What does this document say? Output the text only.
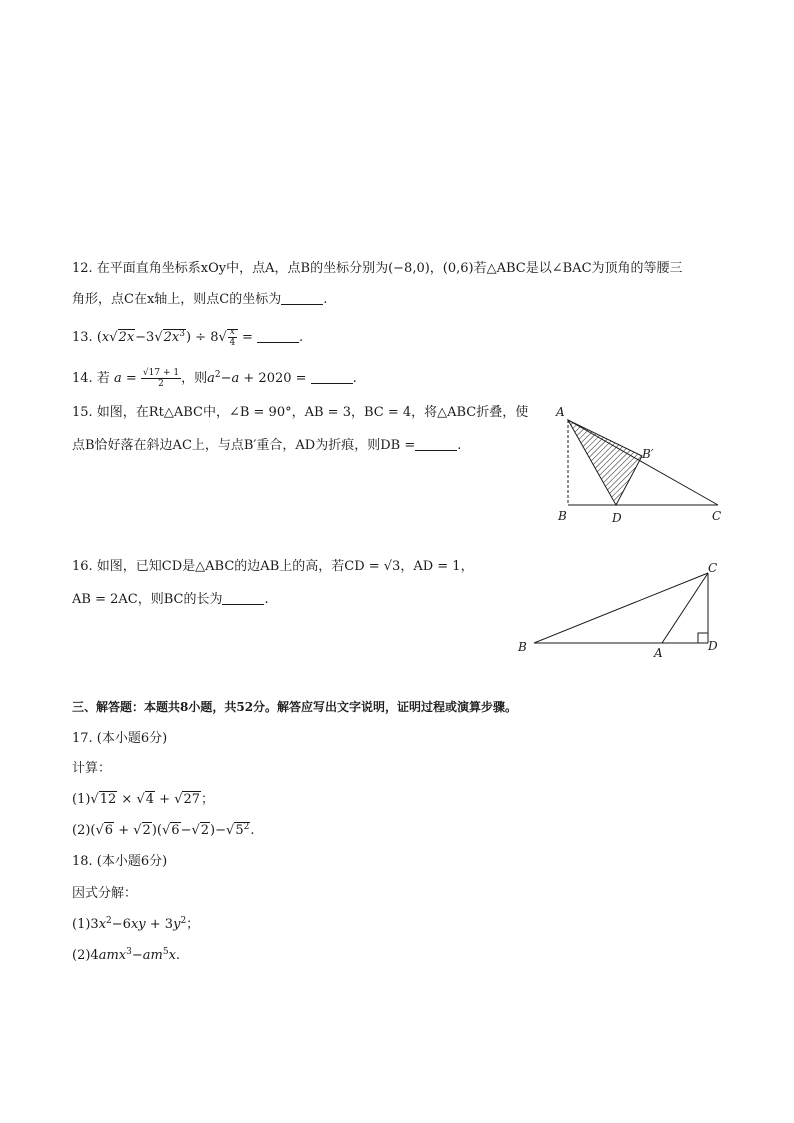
12. 在平面直角坐标系xOy中，点A，点B的坐标分别为(−8,0)，(0,6)若△ABC是以∠BAC为顶角的等腰三
角形，点C在x轴上，则点C的坐标为	.
13. $(x√2x-3√2x^3) \div 8√ \frac{x}{4}$ =	.
14. 若 $a = \frac{√17 + 1}{2}$ ，则$a^2-a + 2020$ =	.
15. 如图，在Rt△ABC中，∠B = 90°，AB = 3，BC = 4，将△ABC折叠，使
点B恰好落在斜边AC上，与点B′重合，AD为折痕，则DB =	.
A
B′
B	D	C
16. 如图，已知CD是△ABC的边AB上的高，若CD = √3，AD = 1，
AB = 2AC，则BC的长为	.
C
B	A	D
三、解答题：本题共8小题，共52分。解答应写出文字说明，证明过程或演算步骤。
17. (本小题6分)
计算：
(1)√12 × √4 + √27；
$(2)(√6 + √2)(√6-√2)-√5^2$.
18. (本小题6分)
因式分解：
$(1)3x^2-6xy + 3y^2$；
$(2)4amx^3-am^5x$.
